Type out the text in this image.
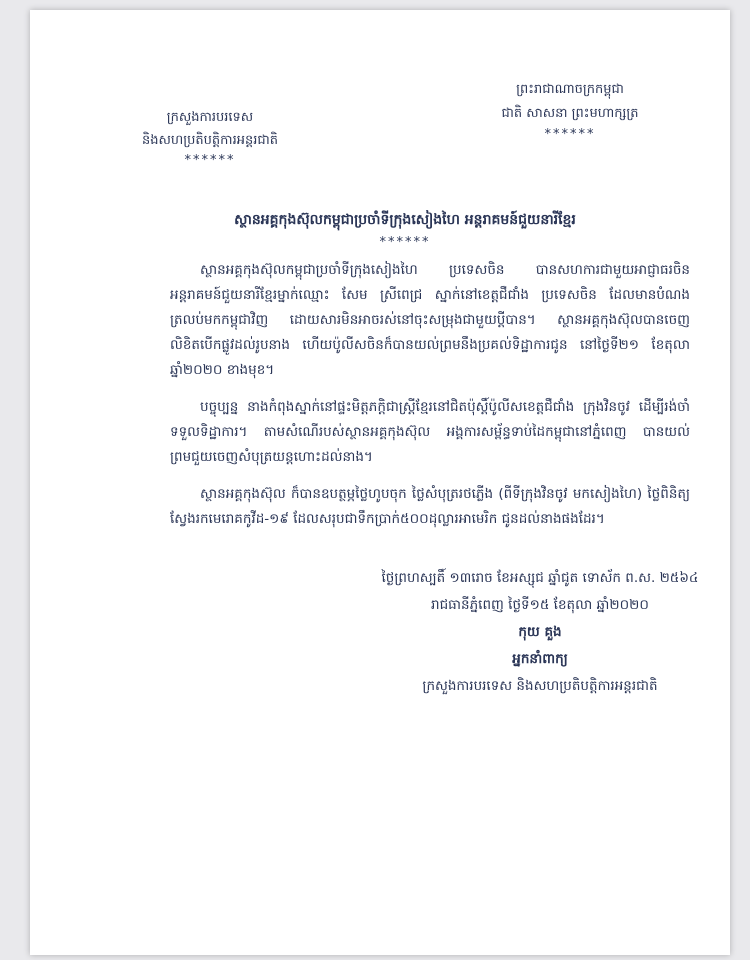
ក្រសួងការបរទេស
និងសហប្រតិបត្តិការអន្តរជាតិ
******
ព្រះរាជាណាចក្រកម្ពុជា
ជាតិ សាសនា ព្រះមហាក្សត្រ
******
ស្ថានអគ្គកុងស៊ុលកម្ពុជាប្រចាំទីក្រុងសៀងហៃ អន្តរាគមន៍ជួយនារីខ្មែរ
******

ស្ថានអគ្គកុងស៊ុលកម្ពុជាប្រចាំទីក្រុងសៀងហៃ ប្រទេសចិន បានសហការជាមួយអាជ្ញាធរចិន អន្តរាគមន៍ជួយនារីខ្មែរម្នាក់ឈ្មោះ សែម ស្រីពេជ្រ ស្នាក់នៅខេត្តជឺជាំង ប្រទេសចិន ដែលមានបំណងត្រលប់មកកម្ពុជាវិញ ដោយសារមិនអាចរស់នៅចុះសម្រុងជាមួយប្តីបាន។ ស្ថានអគ្គកុងស៊ុលបានចេញលិខិតបើកផ្លូវដល់រូបនាង ហើយប៉ូលីសចិនក៏បានយល់ព្រមនឹងប្រគល់ទិដ្ឋាការជូន នៅថ្ងៃទី២១ ខែតុលា ឆ្នាំ២០២០ ខាងមុខ។

បច្ចុប្បន្ន នាងកំពុងស្នាក់នៅផ្ទះមិត្តភក្តិជាស្ត្រីខ្មែរនៅជិតប៉ុស្តិ៍ប៉ូលីសខេត្តជឺជាំង ក្រុងវិនចូវ ដើម្បីរង់ចាំទទួលទិដ្ឋាការ។ តាមសំណើរបស់ស្ថានអគ្គកុងស៊ុល អង្គការសម្ព័ន្ធទាប់ដៃកម្ពុជានៅភ្នំពេញ បានយល់ព្រមជួយចេញសំបុត្រយន្តហោះដល់នាង។

ស្ថានអគ្គកុងស៊ុល ក៏បានឧបត្ថម្ភថ្លៃហូបចុក ថ្លៃសំបុត្ររថភ្លើង (ពីទីក្រុងវិនចូវ មកសៀងហៃ) ថ្លៃពិនិត្យស្វែងរកមេរោគកូវីដ-១៩ ដែលសរុបជាទឹកប្រាក់៥០០ដុល្លារអាមេរិក ជូនដល់នាងផងដែរ។

ថ្ងៃព្រហស្បតិ៍ ១៣រោច ខែអស្សុជ ឆ្នាំជូត ទោស័ក ព.ស. ២៥៦៤
រាជធានីភ្នំពេញ ថ្ងៃទី១៥ ខែតុលា ឆ្នាំ២០២០
កុយ គួង
អ្នកនាំពាក្យ
ក្រសួងការបរទេស និងសហប្រតិបត្តិការអន្តរជាតិ
